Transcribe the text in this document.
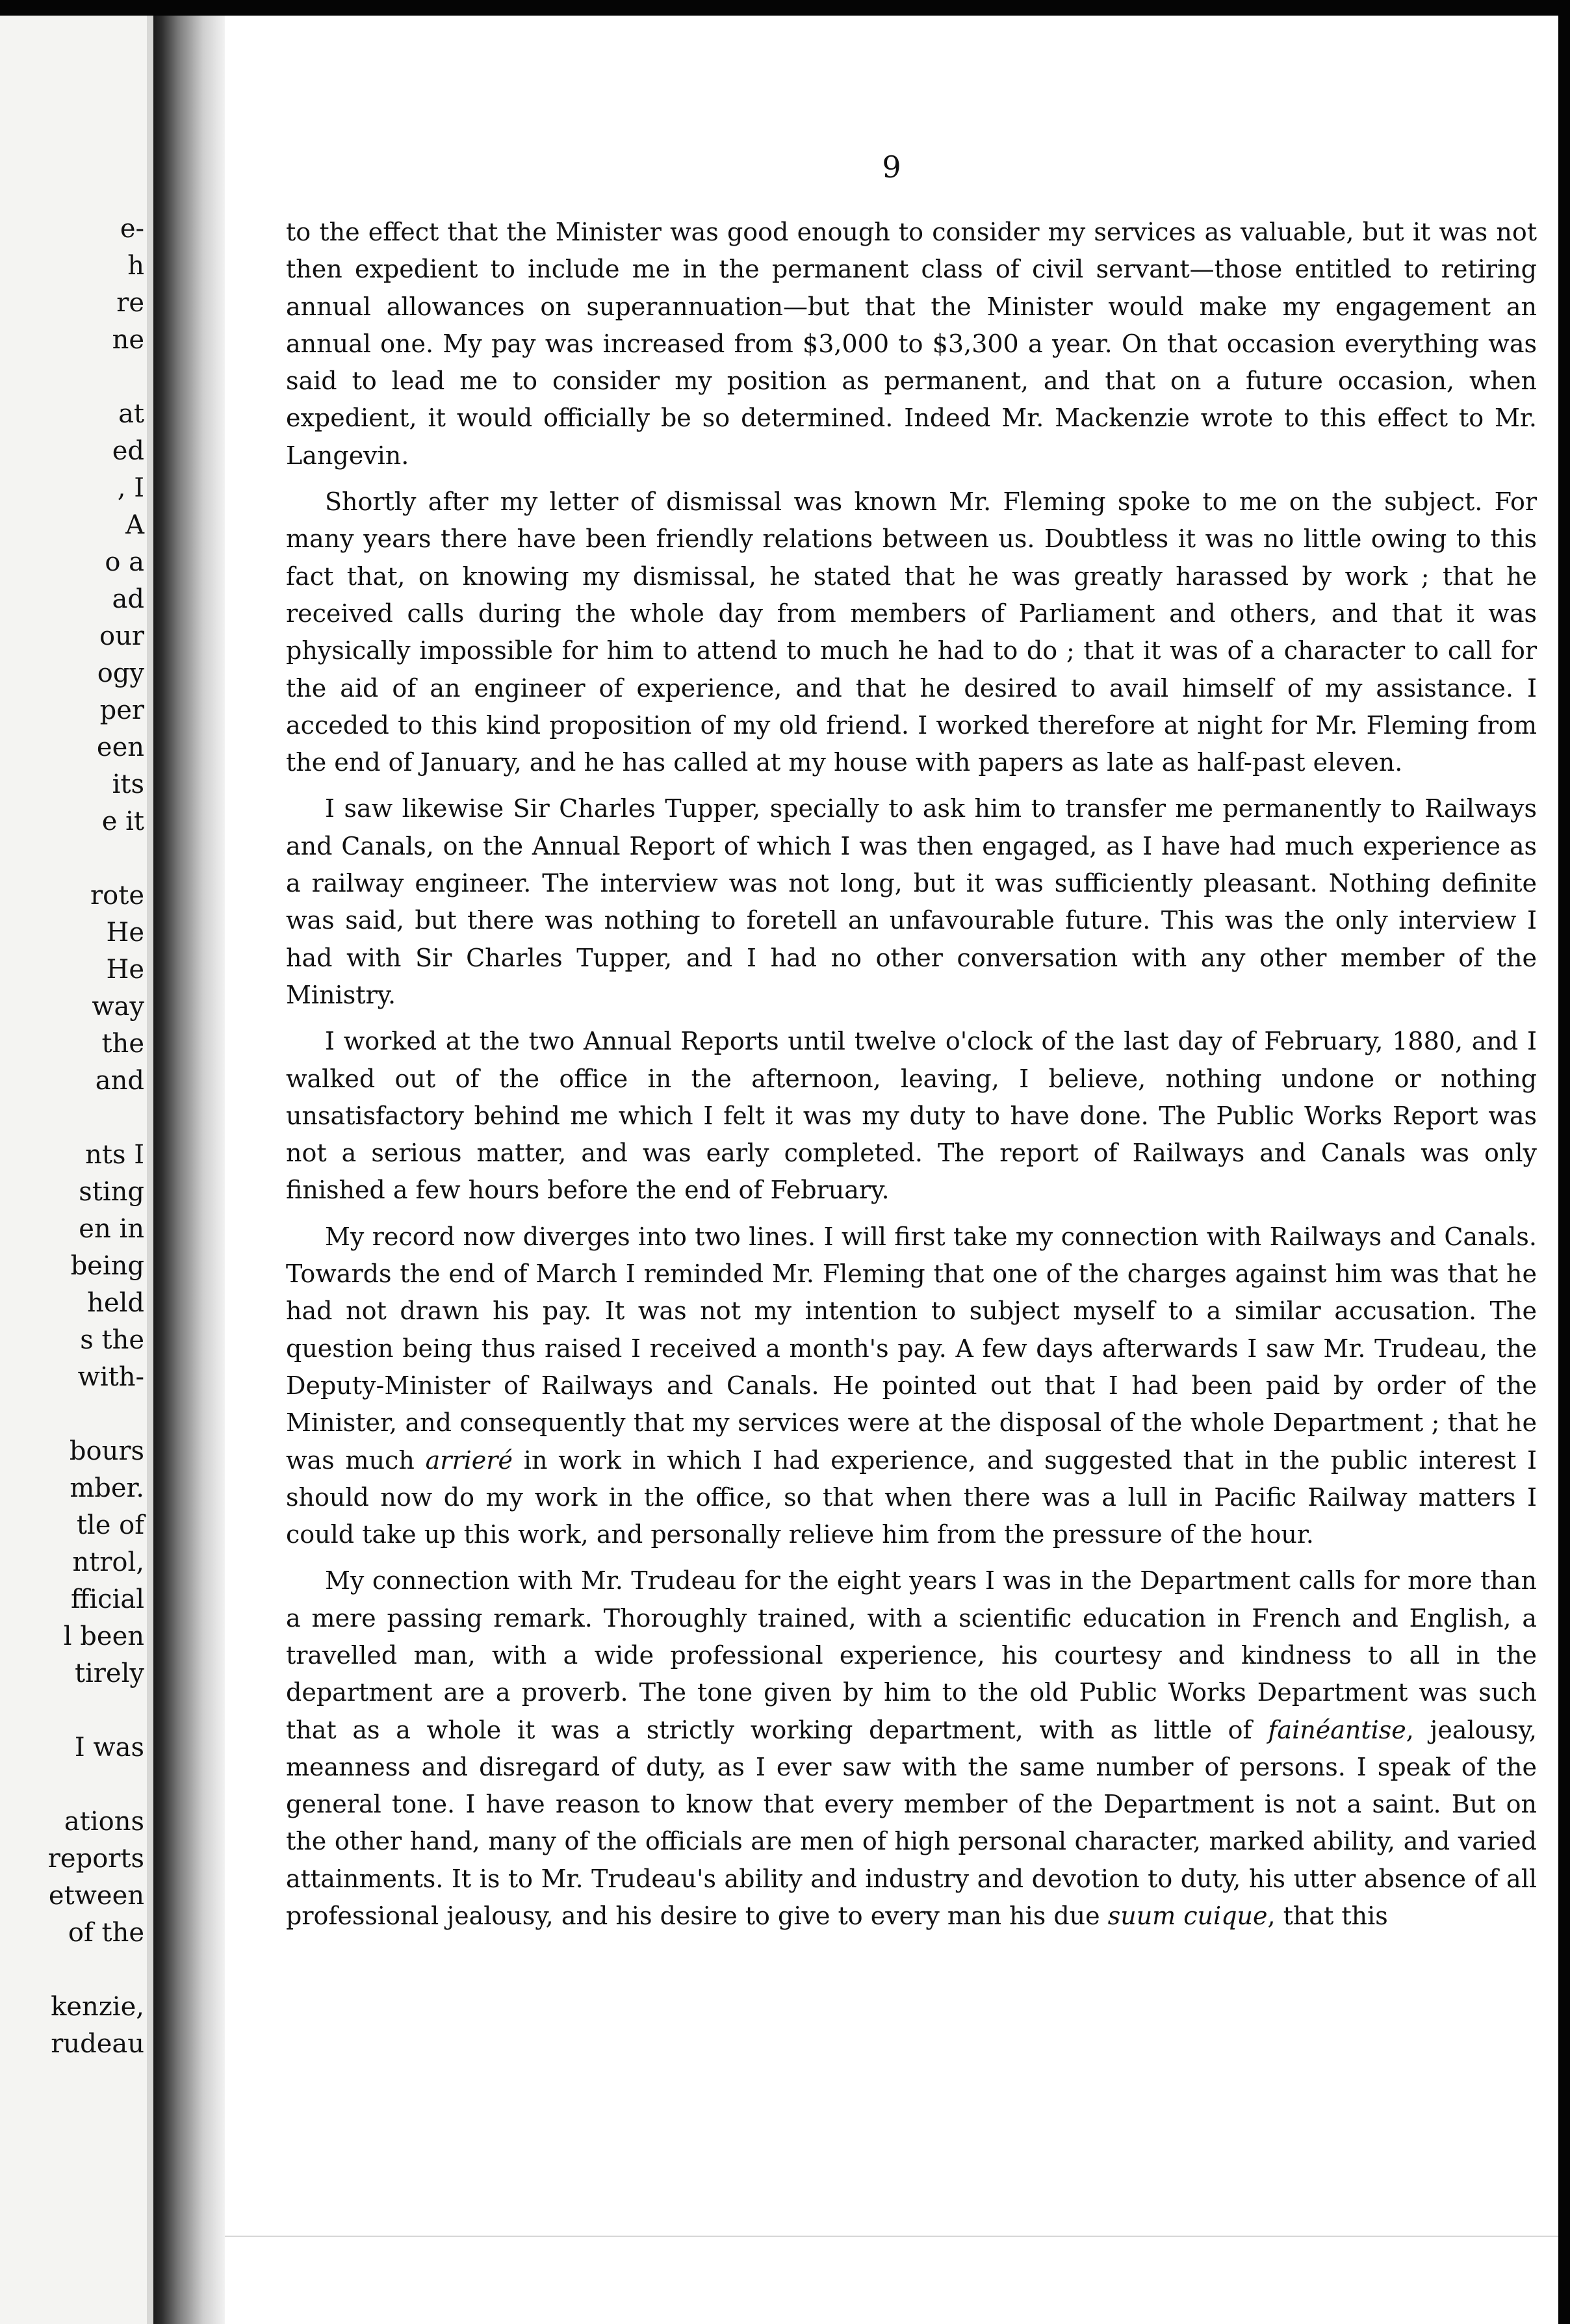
e-
h
re
ne
at
ed
, I
A
o a
ad
our
ogy
per
een
its
e it
rote
He
He
way
the
and
nts I
sting
en in
being
held
s the
with-
bours
mber.
tle of
ntrol,
fficial
l been
tirely
I was
ations
reports
etween
of the
kenzie,
rudeau
9

to the effect that the Minister was good enough to consider my services as valuable, but it was not then expedient to include me in the permanent class of civil servant—those entitled to retiring annual allowances on superannuation—but that the Minister would make my engagement an annual one. My pay was increased from $3,000 to $3,300 a year. On that occasion everything was said to lead me to consider my position as permanent, and that on a future occasion, when expedient, it would officially be so determined. Indeed Mr. Mackenzie wrote to this effect to Mr. Langevin.

Shortly after my letter of dismissal was known Mr. Fleming spoke to me on the subject. For many years there have been friendly relations between us. Doubtless it was no little owing to this fact that, on knowing my dismissal, he stated that he was greatly harassed by work ; that he received calls during the whole day from members of Parliament and others, and that it was physically impossible for him to attend to much he had to do ; that it was of a character to call for the aid of an engineer of experience, and that he desired to avail himself of my assistance. I acceded to this kind proposition of my old friend. I worked therefore at night for Mr. Fleming from the end of January, and he has called at my house with papers as late as half-past eleven.

I saw likewise Sir Charles Tupper, specially to ask him to transfer me permanently to Railways and Canals, on the Annual Report of which I was then engaged, as I have had much experience as a railway engineer. The interview was not long, but it was sufficiently pleasant. Nothing definite was said, but there was nothing to foretell an unfavourable future. This was the only interview I had with Sir Charles Tupper, and I had no other conversation with any other member of the Ministry.

I worked at the two Annual Reports until twelve o'clock of the last day of February, 1880, and I walked out of the office in the afternoon, leaving, I believe, nothing undone or nothing unsatisfactory behind me which I felt it was my duty to have done. The Public Works Report was not a serious matter, and was early completed. The report of Railways and Canals was only finished a few hours before the end of February.

My record now diverges into two lines. I will first take my connection with Railways and Canals. Towards the end of March I reminded Mr. Fleming that one of the charges against him was that he had not drawn his pay. It was not my intention to subject myself to a similar accusation. The question being thus raised I received a month's pay. A few days afterwards I saw Mr. Trudeau, the Deputy-Minister of Railways and Canals. He pointed out that I had been paid by order of the Minister, and consequently that my services were at the disposal of the whole Department ; that he was much arrieré in work in which I had experience, and suggested that in the public interest I should now do my work in the office, so that when there was a lull in Pacific Railway matters I could take up this work, and personally relieve him from the pressure of the hour.

My connection with Mr. Trudeau for the eight years I was in the Department calls for more than a mere passing remark. Thoroughly trained, with a scientific education in French and English, a travelled man, with a wide professional experience, his courtesy and kindness to all in the department are a proverb. The tone given by him to the old Public Works Department was such that as a whole it was a strictly working department, with as little of fainéantise, jealousy, meanness and disregard of duty, as I ever saw with the same number of persons. I speak of the general tone. I have reason to know that every member of the Department is not a saint. But on the other hand, many of the officials are men of high personal character, marked ability, and varied attainments. It is to Mr. Trudeau's ability and industry and devotion to duty, his utter absence of all professional jealousy, and his desire to give to every man his due suum cuique, that this
